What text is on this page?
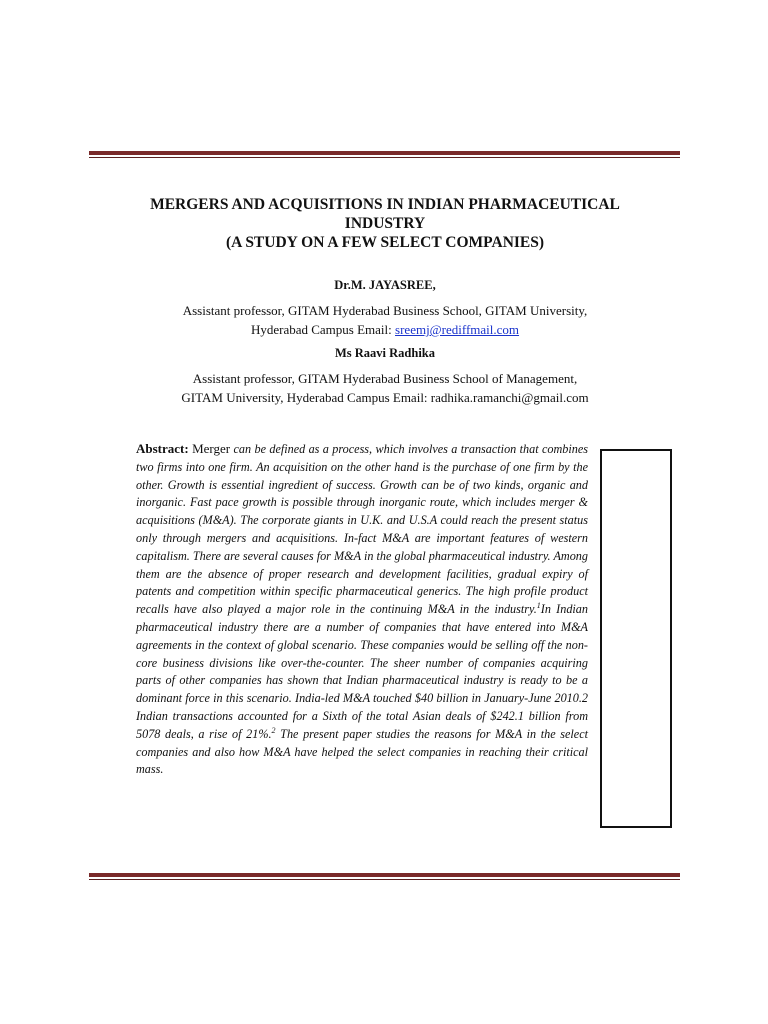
MERGERS AND ACQUISITIONS IN INDIAN PHARMACEUTICAL
INDUSTRY
(A STUDY ON A FEW SELECT COMPANIES)
Dr.M. JAYASREE,
Assistant professor, GITAM Hyderabad Business School, GITAM University,
Hyderabad Campus Email: sreemj@rediffmail.com
Ms Raavi Radhika
Assistant professor, GITAM Hyderabad Business School of Management,
GITAM University, Hyderabad Campus Email: radhika.ramanchi@gmail.com
Abstract: Merger can be defined as a process, which involves a transaction that combines two firms into one firm. An acquisition on the other hand is the purchase of one firm by the other. Growth is essential ingredient of success. Growth can be of two kinds, organic and inorganic. Fast pace growth is possible through inorganic route, which includes merger & acquisitions (M&A). The corporate giants in U.K. and U.S.A could reach the present status only through mergers and acquisitions. In-fact M&A are important features of western capitalism. There are several causes for M&A in the global pharmaceutical industry. Among them are the absence of proper research and development facilities, gradual expiry of patents and competition within specific pharmaceutical generics. The high profile product recalls have also played a major role in the continuing M&A in the industry.$^1$In Indian pharmaceutical industry there are a number of companies that have entered into M&A agreements in the context of global scenario. These companies would be selling off the non-core business divisions like over-the-counter. The sheer number of companies acquiring parts of other companies has shown that Indian pharmaceutical industry is ready to be a dominant force in this scenario. India-led M&A touched $40 billion in January-June 2010.2 Indian transactions accounted for a Sixth of the total Asian deals of $242.1 billion from 5078 deals, a rise of 21%.$^2$ The present paper studies the reasons for M&A in the select companies and also how M&A have helped the select companies in reaching their critical mass.
